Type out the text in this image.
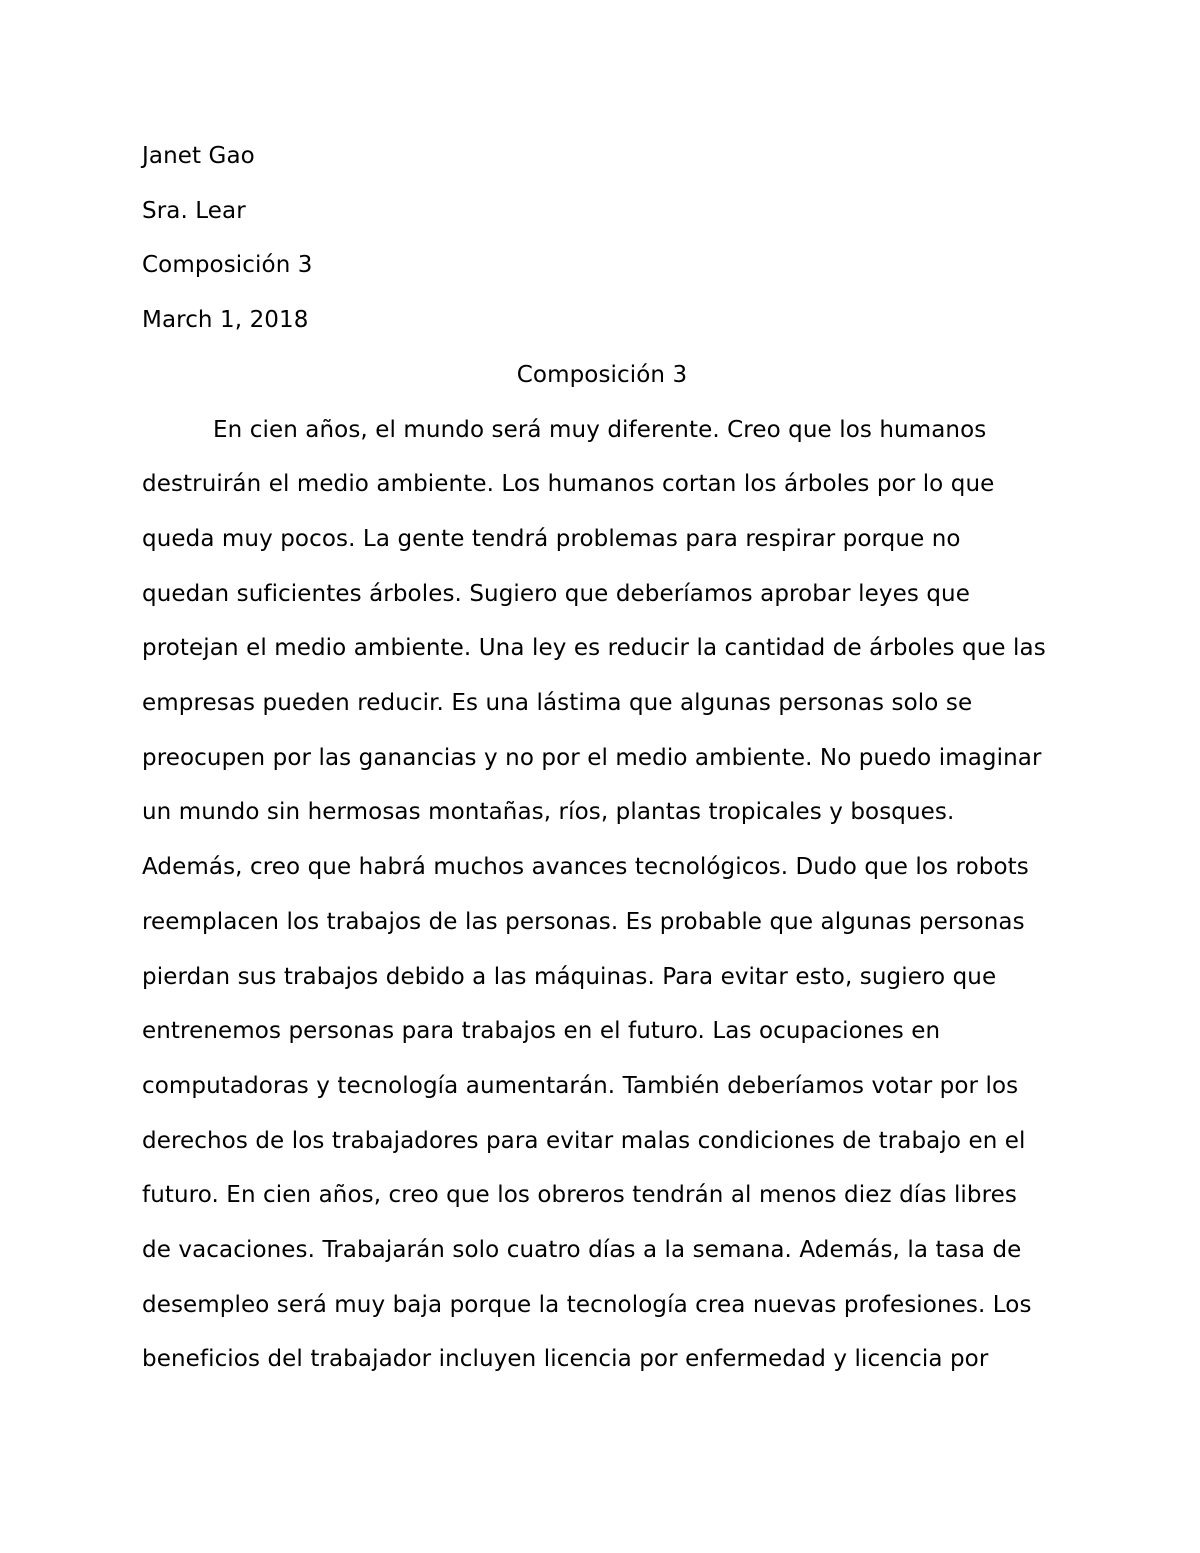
Janet Gao

Sra. Lear

Composición 3

March 1, 2018

Composición 3

En cien años, el mundo será muy diferente. Creo que los humanos

destruirán el medio ambiente. Los humanos cortan los árboles por lo que

queda muy pocos. La gente tendrá problemas para respirar porque no

quedan suficientes árboles. Sugiero que deberíamos aprobar leyes que

protejan el medio ambiente. Una ley es reducir la cantidad de árboles que las

empresas pueden reducir. Es una lástima que algunas personas solo se

preocupen por las ganancias y no por el medio ambiente. No puedo imaginar

un mundo sin hermosas montañas, ríos, plantas tropicales y bosques.

Además, creo que habrá muchos avances tecnológicos. Dudo que los robots

reemplacen los trabajos de las personas. Es probable que algunas personas

pierdan sus trabajos debido a las máquinas. Para evitar esto, sugiero que

entrenemos personas para trabajos en el futuro. Las ocupaciones en

computadoras y tecnología aumentarán. También deberíamos votar por los

derechos de los trabajadores para evitar malas condiciones de trabajo en el

futuro. En cien años, creo que los obreros tendrán al menos diez días libres

de vacaciones. Trabajarán solo cuatro días a la semana. Además, la tasa de

desempleo será muy baja porque la tecnología crea nuevas profesiones. Los

beneficios del trabajador incluyen licencia por enfermedad y licencia por
